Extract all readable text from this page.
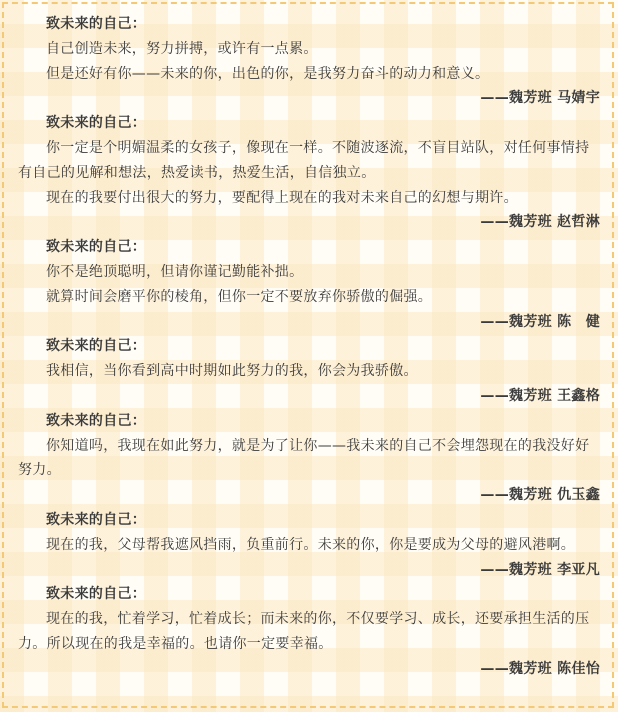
致未来的自己：
自己创造未来，努力拼搏，或许有一点累。
但是还好有你——未来的你，出色的你，是我努力奋斗的动力和意义。
——魏芳班 马婧宇
致未来的自己：
你一定是个明媚温柔的女孩子，像现在一样。不随波逐流，不盲目站队，对任何事情持有自己的见解和想法，热爱读书，热爱生活，自信独立。
现在的我要付出很大的努力，要配得上现在的我对未来自己的幻想与期许。
——魏芳班 赵哲淋
致未来的自己：
你不是绝顶聪明，但请你谨记勤能补拙。
就算时间会磨平你的棱角，但你一定不要放弃你骄傲的倔强。
——魏芳班 陈　健
致未来的自己：
我相信，当你看到高中时期如此努力的我，你会为我骄傲。
——魏芳班 王鑫格
致未来的自己：
你知道吗，我现在如此努力，就是为了让你——我未来的自己不会埋怨现在的我没好好努力。
——魏芳班 仇玉鑫
致未来的自己：
现在的我，父母帮我遮风挡雨，负重前行。未来的你，你是要成为父母的避风港啊。
——魏芳班 李亚凡
致未来的自己：
现在的我，忙着学习，忙着成长；而未来的你，不仅要学习、成长，还要承担生活的压力。所以现在的我是幸福的。也请你一定要幸福。
——魏芳班 陈佳怡
